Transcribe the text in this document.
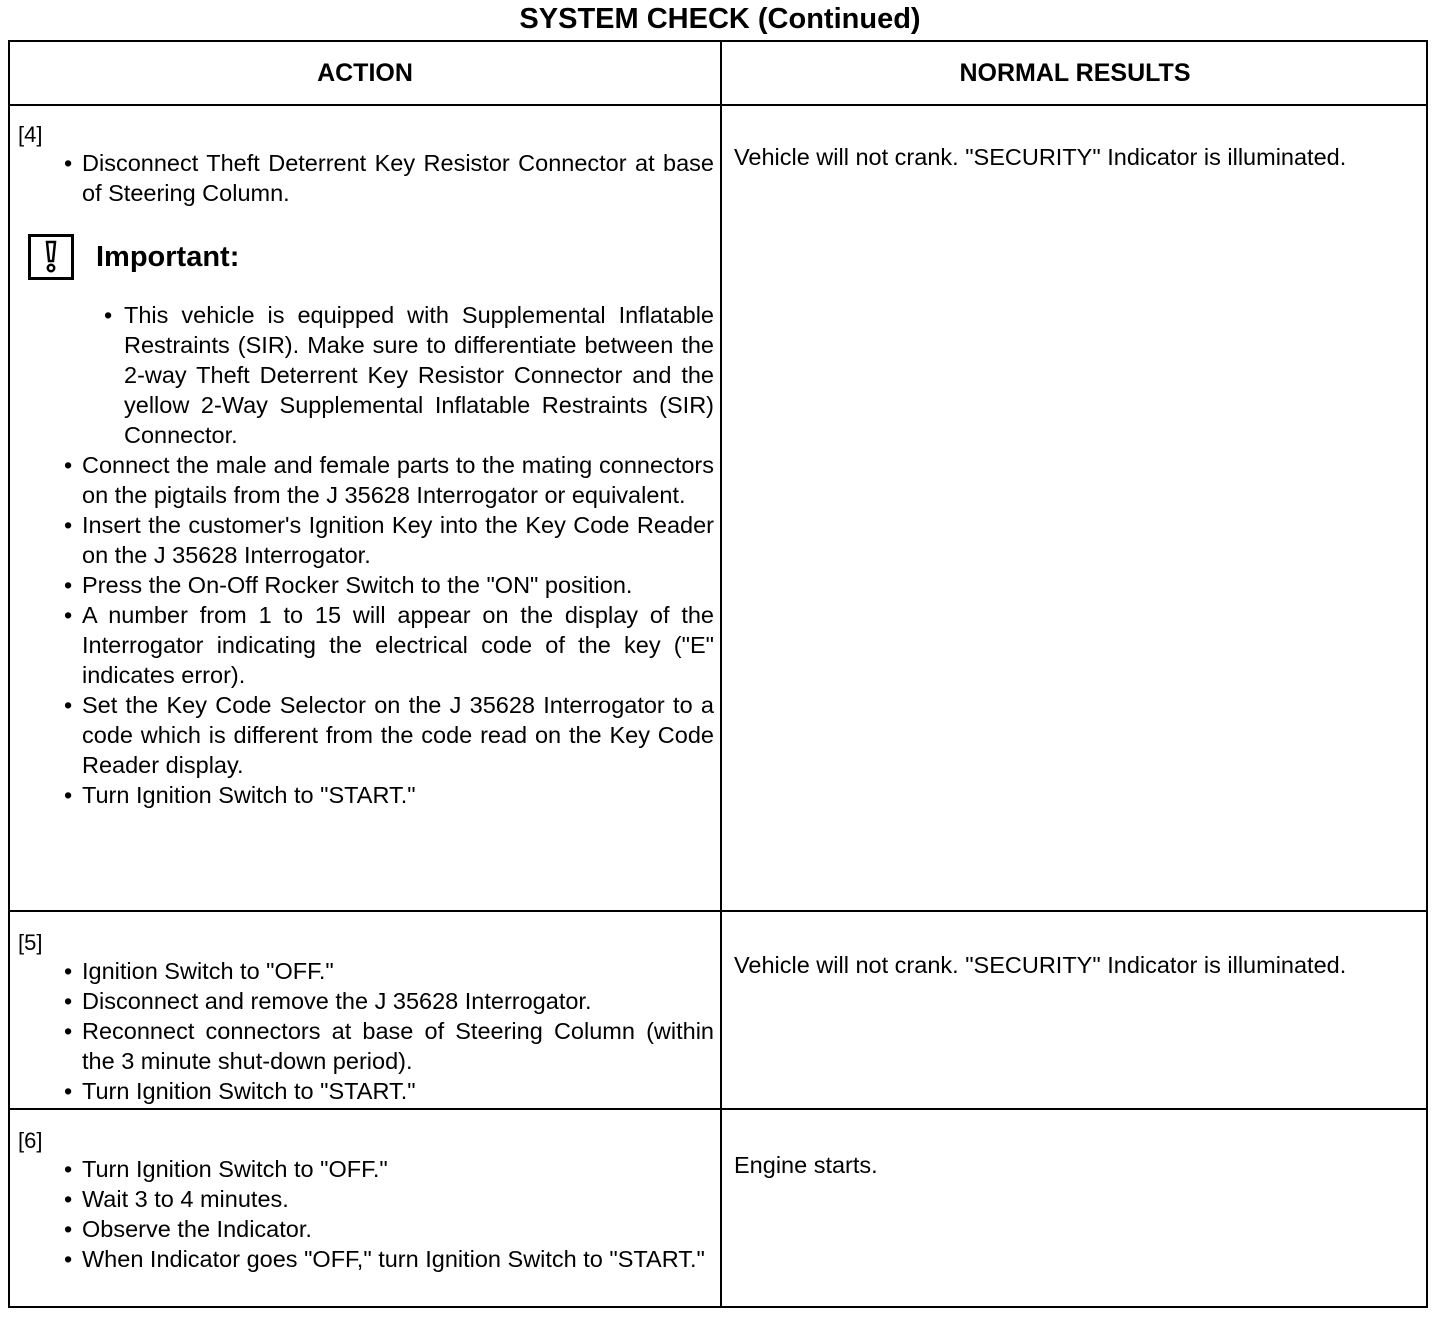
SYSTEM CHECK (Continued)
ACTION	NORMAL RESULTS
[4]
• Disconnect Theft Deterrent Key Resistor Connector at base of Steering Column.
Important:
• This vehicle is equipped with Supplemental Inflatable Restraints (SIR). Make sure to differentiate between the 2-way Theft Deterrent Key Resistor Connector and the yellow 2-Way Supplemental Inflatable Restraints (SIR) Connector.
• Connect the male and female parts to the mating connectors on the pigtails from the J 35628 Interrogator or equivalent.
• Insert the customer's Ignition Key into the Key Code Reader on the J 35628 Interrogator.
• Press the On-Off Rocker Switch to the "ON" position.
• A number from 1 to 15 will appear on the display of the Interrogator indicating the electrical code of the key ("E" indicates error).
• Set the Key Code Selector on the J 35628 Interrogator to a code which is different from the code read on the Key Code Reader display.
• Turn Ignition Switch to "START."
Vehicle will not crank. "SECURITY" Indicator is illuminated.
[5]
• Ignition Switch to "OFF."
• Disconnect and remove the J 35628 Interrogator.
• Reconnect connectors at base of Steering Column (within the 3 minute shut-down period).
• Turn Ignition Switch to "START."
Vehicle will not crank. "SECURITY" Indicator is illuminated.
[6]
• Turn Ignition Switch to "OFF."
• Wait 3 to 4 minutes.
• Observe the Indicator.
• When Indicator goes "OFF," turn Ignition Switch to "START."
Engine starts.
